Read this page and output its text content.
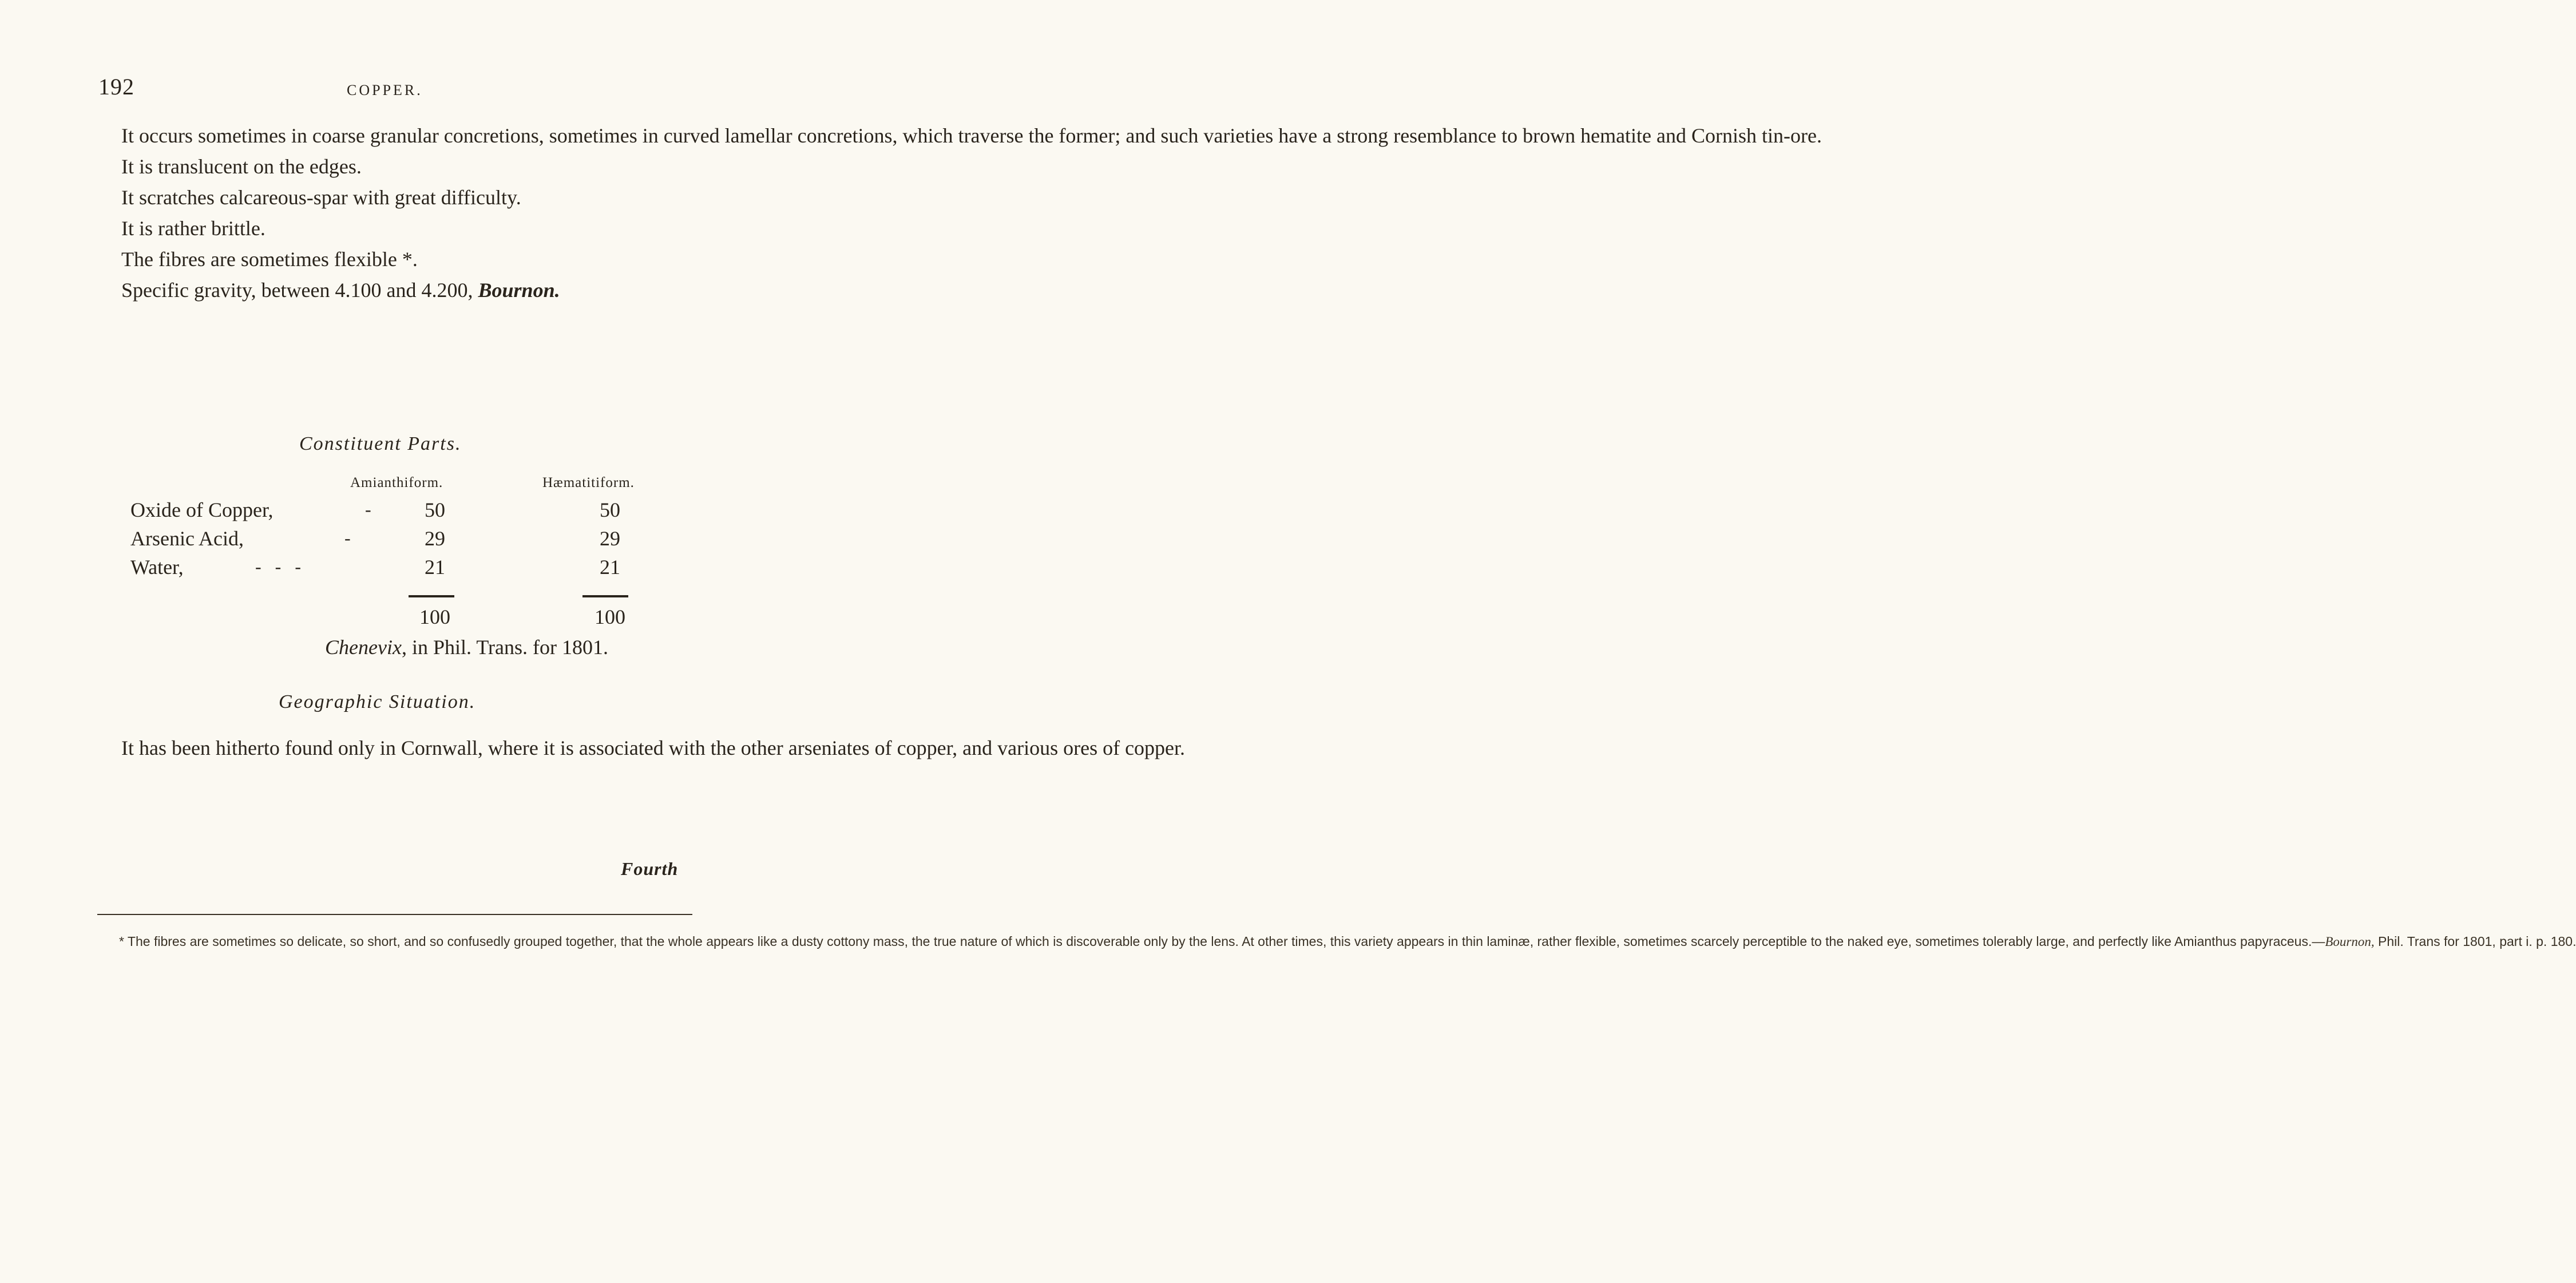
192	COPPER.

It occurs sometimes in coarse granular concretions, sometimes in curved lamellar concretions, which traverse the former; and such varieties have a strong resemblance to brown hematite and Cornish tin-ore.

It is translucent on the edges.

It scratches calcareous-spar with great difficulty.

It is rather brittle.

The fibres are sometimes flexible *.

Specific gravity, between 4.100 and 4.200, Bournon.

Constituent Parts.
Amianthiform.	Hæmatitiform.
Oxide of Copper,	-	50	50
Arsenic Acid,	-	29	29
Water,	-   -   -	21	21
100	100
Chenevix, in Phil. Trans. for 1801.
Geographic Situation.

It has been hitherto found only in Cornwall, where it is associated with the other arseniates of copper, and various ores of copper.

Fourth

* The fibres are sometimes so delicate, so short, and so confusedly grouped together, that the whole appears like a dusty cottony mass, the true nature of which is discoverable only by the lens. At other times, this variety appears in thin laminæ, rather flexible, sometimes scarcely perceptible to the naked eye, sometimes tolerably large, and perfectly like Amianthus papyraceus.—Bournon, Phil. Trans for 1801, part i. p. 180.
